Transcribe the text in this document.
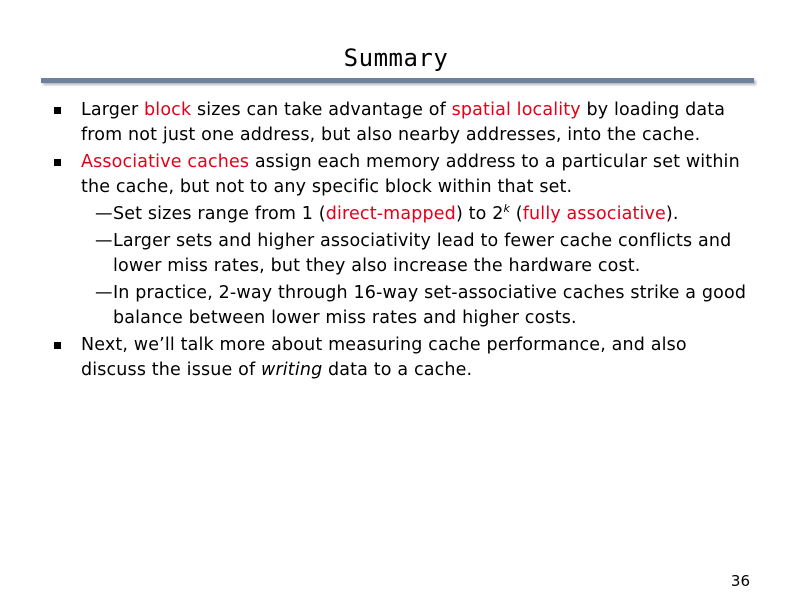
Summary
Larger block sizes can take advantage of spatial locality by loading data from not just one address, but also nearby addresses, into the cache.
Associative caches assign each memory address to a particular set within the cache, but not to any specific block within that set.
— Set sizes range from 1 (direct-mapped) to 2$^k$ (fully associative).
— Larger sets and higher associativity lead to fewer cache conflicts and lower miss rates, but they also increase the hardware cost.
— In practice, 2-way through 16-way set-associative caches strike a good balance between lower miss rates and higher costs.
Next, we’ll talk more about measuring cache performance, and also discuss the issue of writing data to a cache.
36
